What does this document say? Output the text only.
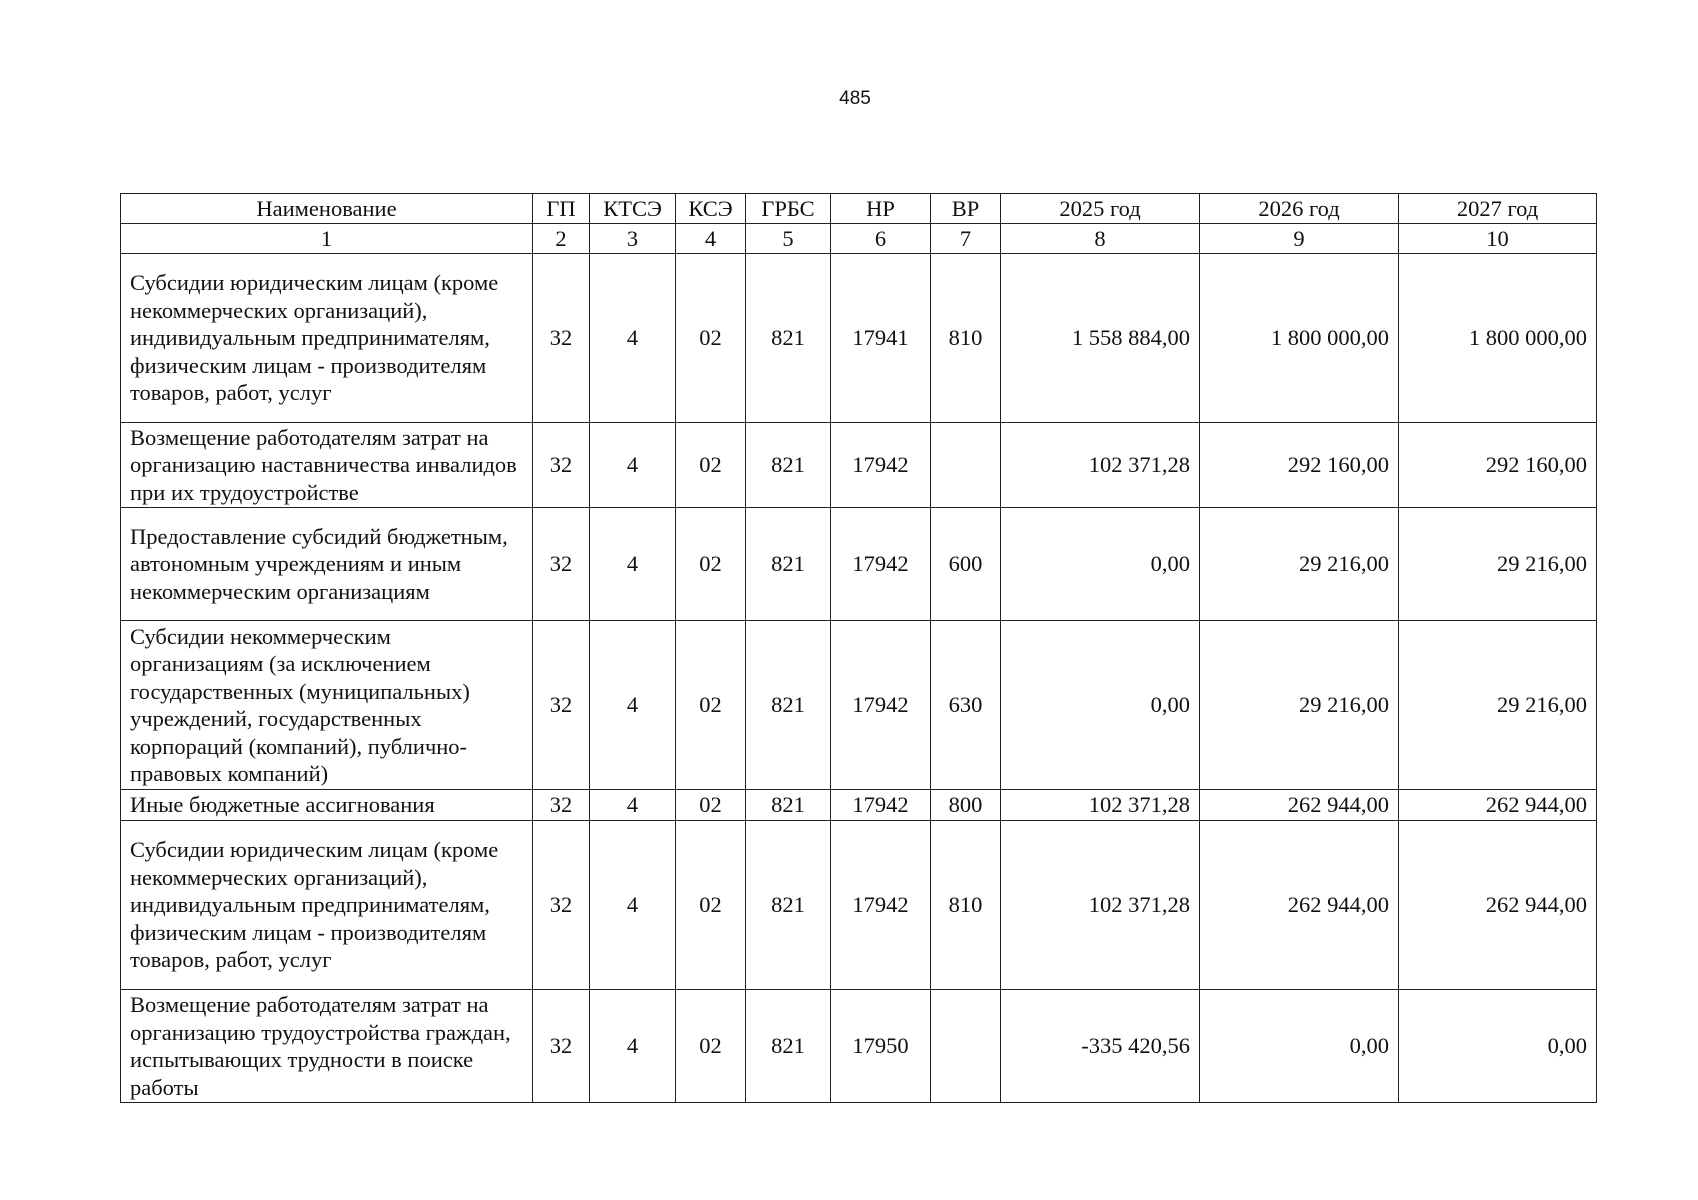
485
Наименование	ГП	КТСЭ	КСЭ	ГРБС	НР	ВР	2025 год	2026 год	2027 год
1	2	3	4	5	6	7	8	9	10
Субсидии юридическим лицам (кроме некоммерческих организаций), индивидуальным предпринимателям, физическим лицам - производителям товаров, работ, услуг	32	4	02	821	17941	810	1 558 884,00	1 800 000,00	1 800 000,00
Возмещение работодателям затрат на организацию наставничества инвалидов при их трудоустройстве	32	4	02	821	17942		102 371,28	292 160,00	292 160,00
Предоставление субсидий бюджетным, автономным учреждениям и иным некоммерческим организациям	32	4	02	821	17942	600	0,00	29 216,00	29 216,00
Субсидии некоммерческим организациям (за исключением государственных (муниципальных) учреждений, государственных корпораций (компаний), публично-правовых компаний)	32	4	02	821	17942	630	0,00	29 216,00	29 216,00
Иные бюджетные ассигнования	32	4	02	821	17942	800	102 371,28	262 944,00	262 944,00
Субсидии юридическим лицам (кроме некоммерческих организаций), индивидуальным предпринимателям, физическим лицам - производителям товаров, работ, услуг	32	4	02	821	17942	810	102 371,28	262 944,00	262 944,00
Возмещение работодателям затрат на организацию трудоустройства граждан, испытывающих трудности в поиске работы	32	4	02	821	17950		-335 420,56	0,00	0,00
